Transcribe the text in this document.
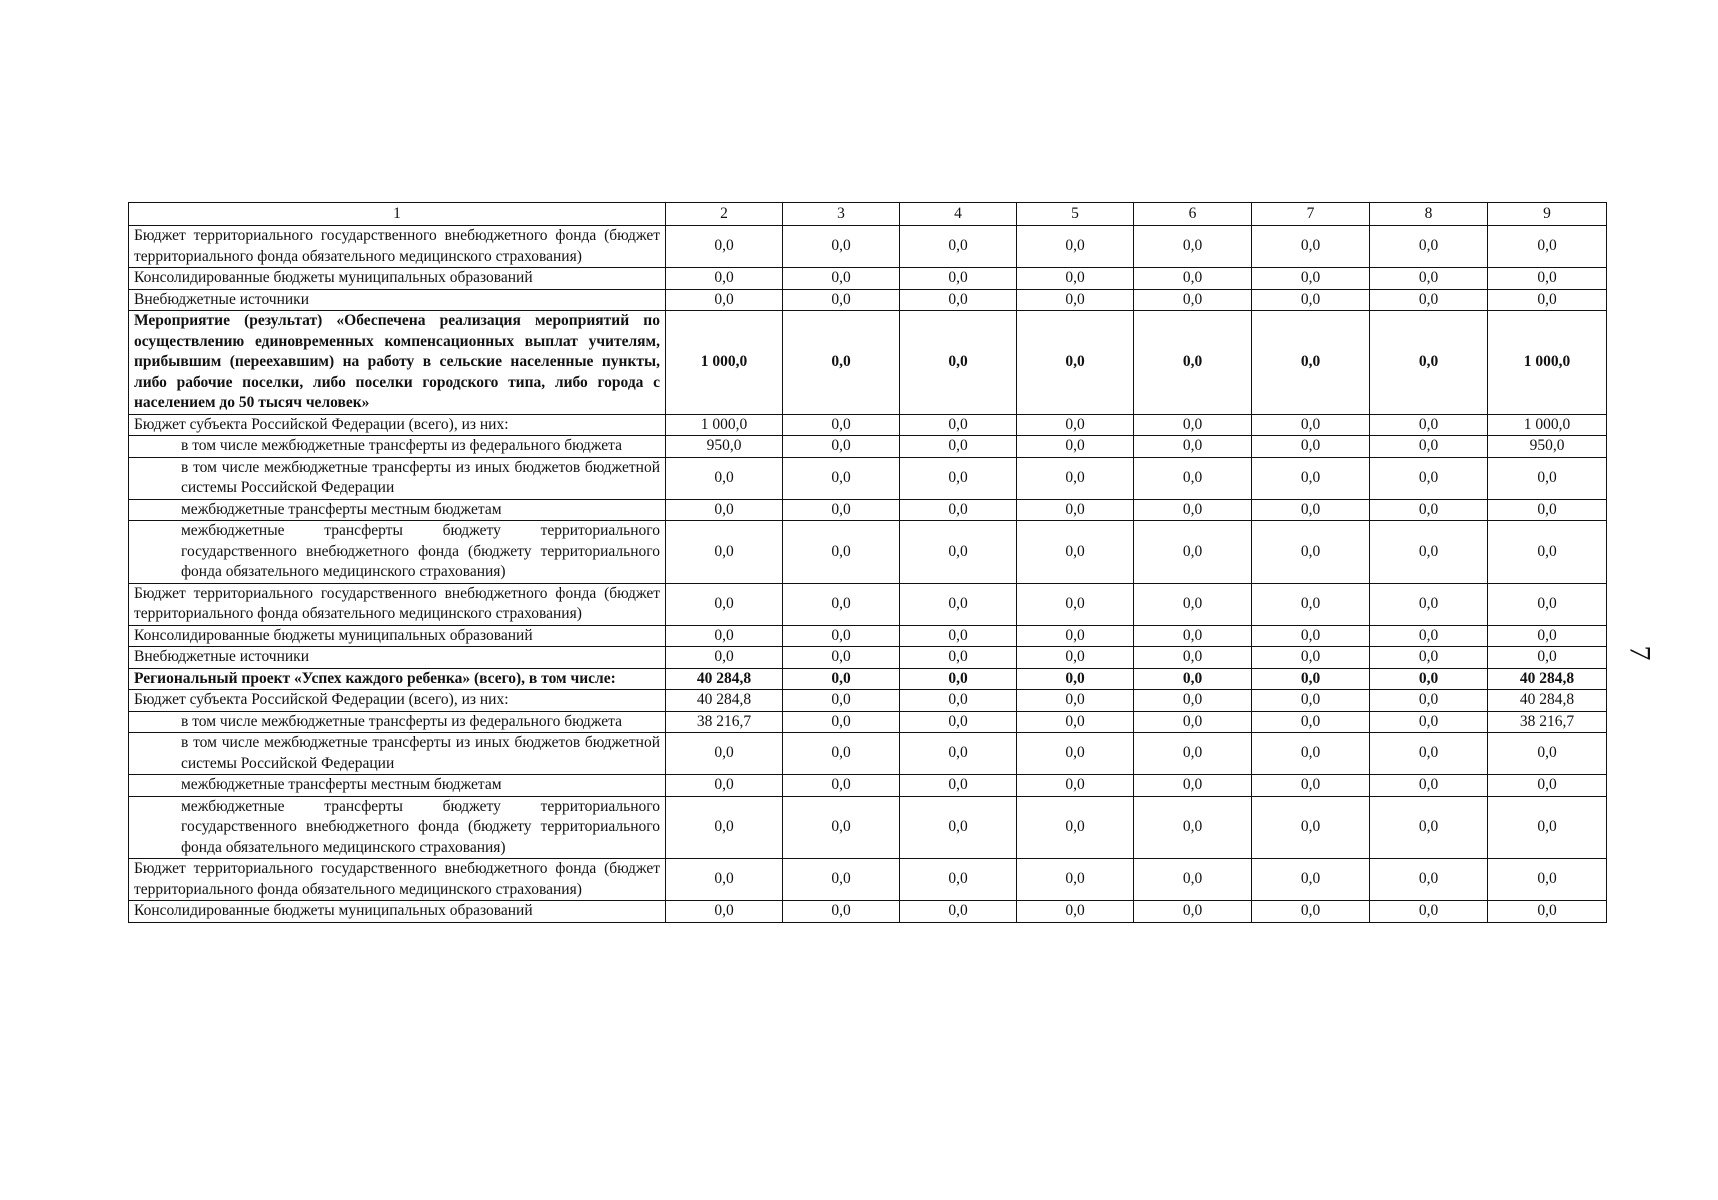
1	2	3	4	5	6	7	8	9
Бюджет территориального государственного внебюджетного фонда (бюджет территориального фонда обязательного медицинского страхования)	0,0	0,0	0,0	0,0	0,0	0,0	0,0	0,0
Консолидированные бюджеты муниципальных образований	0,0	0,0	0,0	0,0	0,0	0,0	0,0	0,0
Внебюджетные источники	0,0	0,0	0,0	0,0	0,0	0,0	0,0	0,0
Мероприятие (результат) «Обеспечена реализация мероприятий по осуществлению единовременных компенсационных выплат учителям, прибывшим (переехавшим) на работу в сельские населенные пункты, либо рабочие поселки, либо поселки городского типа, либо города с населением до 50 тысяч человек»	1 000,0	0,0	0,0	0,0	0,0	0,0	0,0	1 000,0
Бюджет субъекта Российской Федерации (всего), из них:	1 000,0	0,0	0,0	0,0	0,0	0,0	0,0	1 000,0
в том числе межбюджетные трансферты из федерального бюджета	950,0	0,0	0,0	0,0	0,0	0,0	0,0	950,0
в том числе межбюджетные трансферты из иных бюджетов бюджетной системы Российской Федерации	0,0	0,0	0,0	0,0	0,0	0,0	0,0	0,0
межбюджетные трансферты местным бюджетам	0,0	0,0	0,0	0,0	0,0	0,0	0,0	0,0
межбюджетные трансферты бюджету территориального государственного внебюджетного фонда (бюджету территориального фонда обязательного медицинского страхования)	0,0	0,0	0,0	0,0	0,0	0,0	0,0	0,0
Бюджет территориального государственного внебюджетного фонда (бюджет территориального фонда обязательного медицинского страхования)	0,0	0,0	0,0	0,0	0,0	0,0	0,0	0,0
Консолидированные бюджеты муниципальных образований	0,0	0,0	0,0	0,0	0,0	0,0	0,0	0,0
Внебюджетные источники	0,0	0,0	0,0	0,0	0,0	0,0	0,0	0,0
Региональный проект «Успех каждого ребенка» (всего), в том числе:	40 284,8	0,0	0,0	0,0	0,0	0,0	0,0	40 284,8
Бюджет субъекта Российской Федерации (всего), из них:	40 284,8	0,0	0,0	0,0	0,0	0,0	0,0	40 284,8
в том числе межбюджетные трансферты из федерального бюджета	38 216,7	0,0	0,0	0,0	0,0	0,0	0,0	38 216,7
в том числе межбюджетные трансферты из иных бюджетов бюджетной системы Российской Федерации	0,0	0,0	0,0	0,0	0,0	0,0	0,0	0,0
межбюджетные трансферты местным бюджетам	0,0	0,0	0,0	0,0	0,0	0,0	0,0	0,0
межбюджетные трансферты бюджету территориального государственного внебюджетного фонда (бюджету территориального фонда обязательного медицинского страхования)	0,0	0,0	0,0	0,0	0,0	0,0	0,0	0,0
Бюджет территориального государственного внебюджетного фонда (бюджет территориального фонда обязательного медицинского страхования)	0,0	0,0	0,0	0,0	0,0	0,0	0,0	0,0
Консолидированные бюджеты муниципальных образований	0,0	0,0	0,0	0,0	0,0	0,0	0,0	0,0
7
